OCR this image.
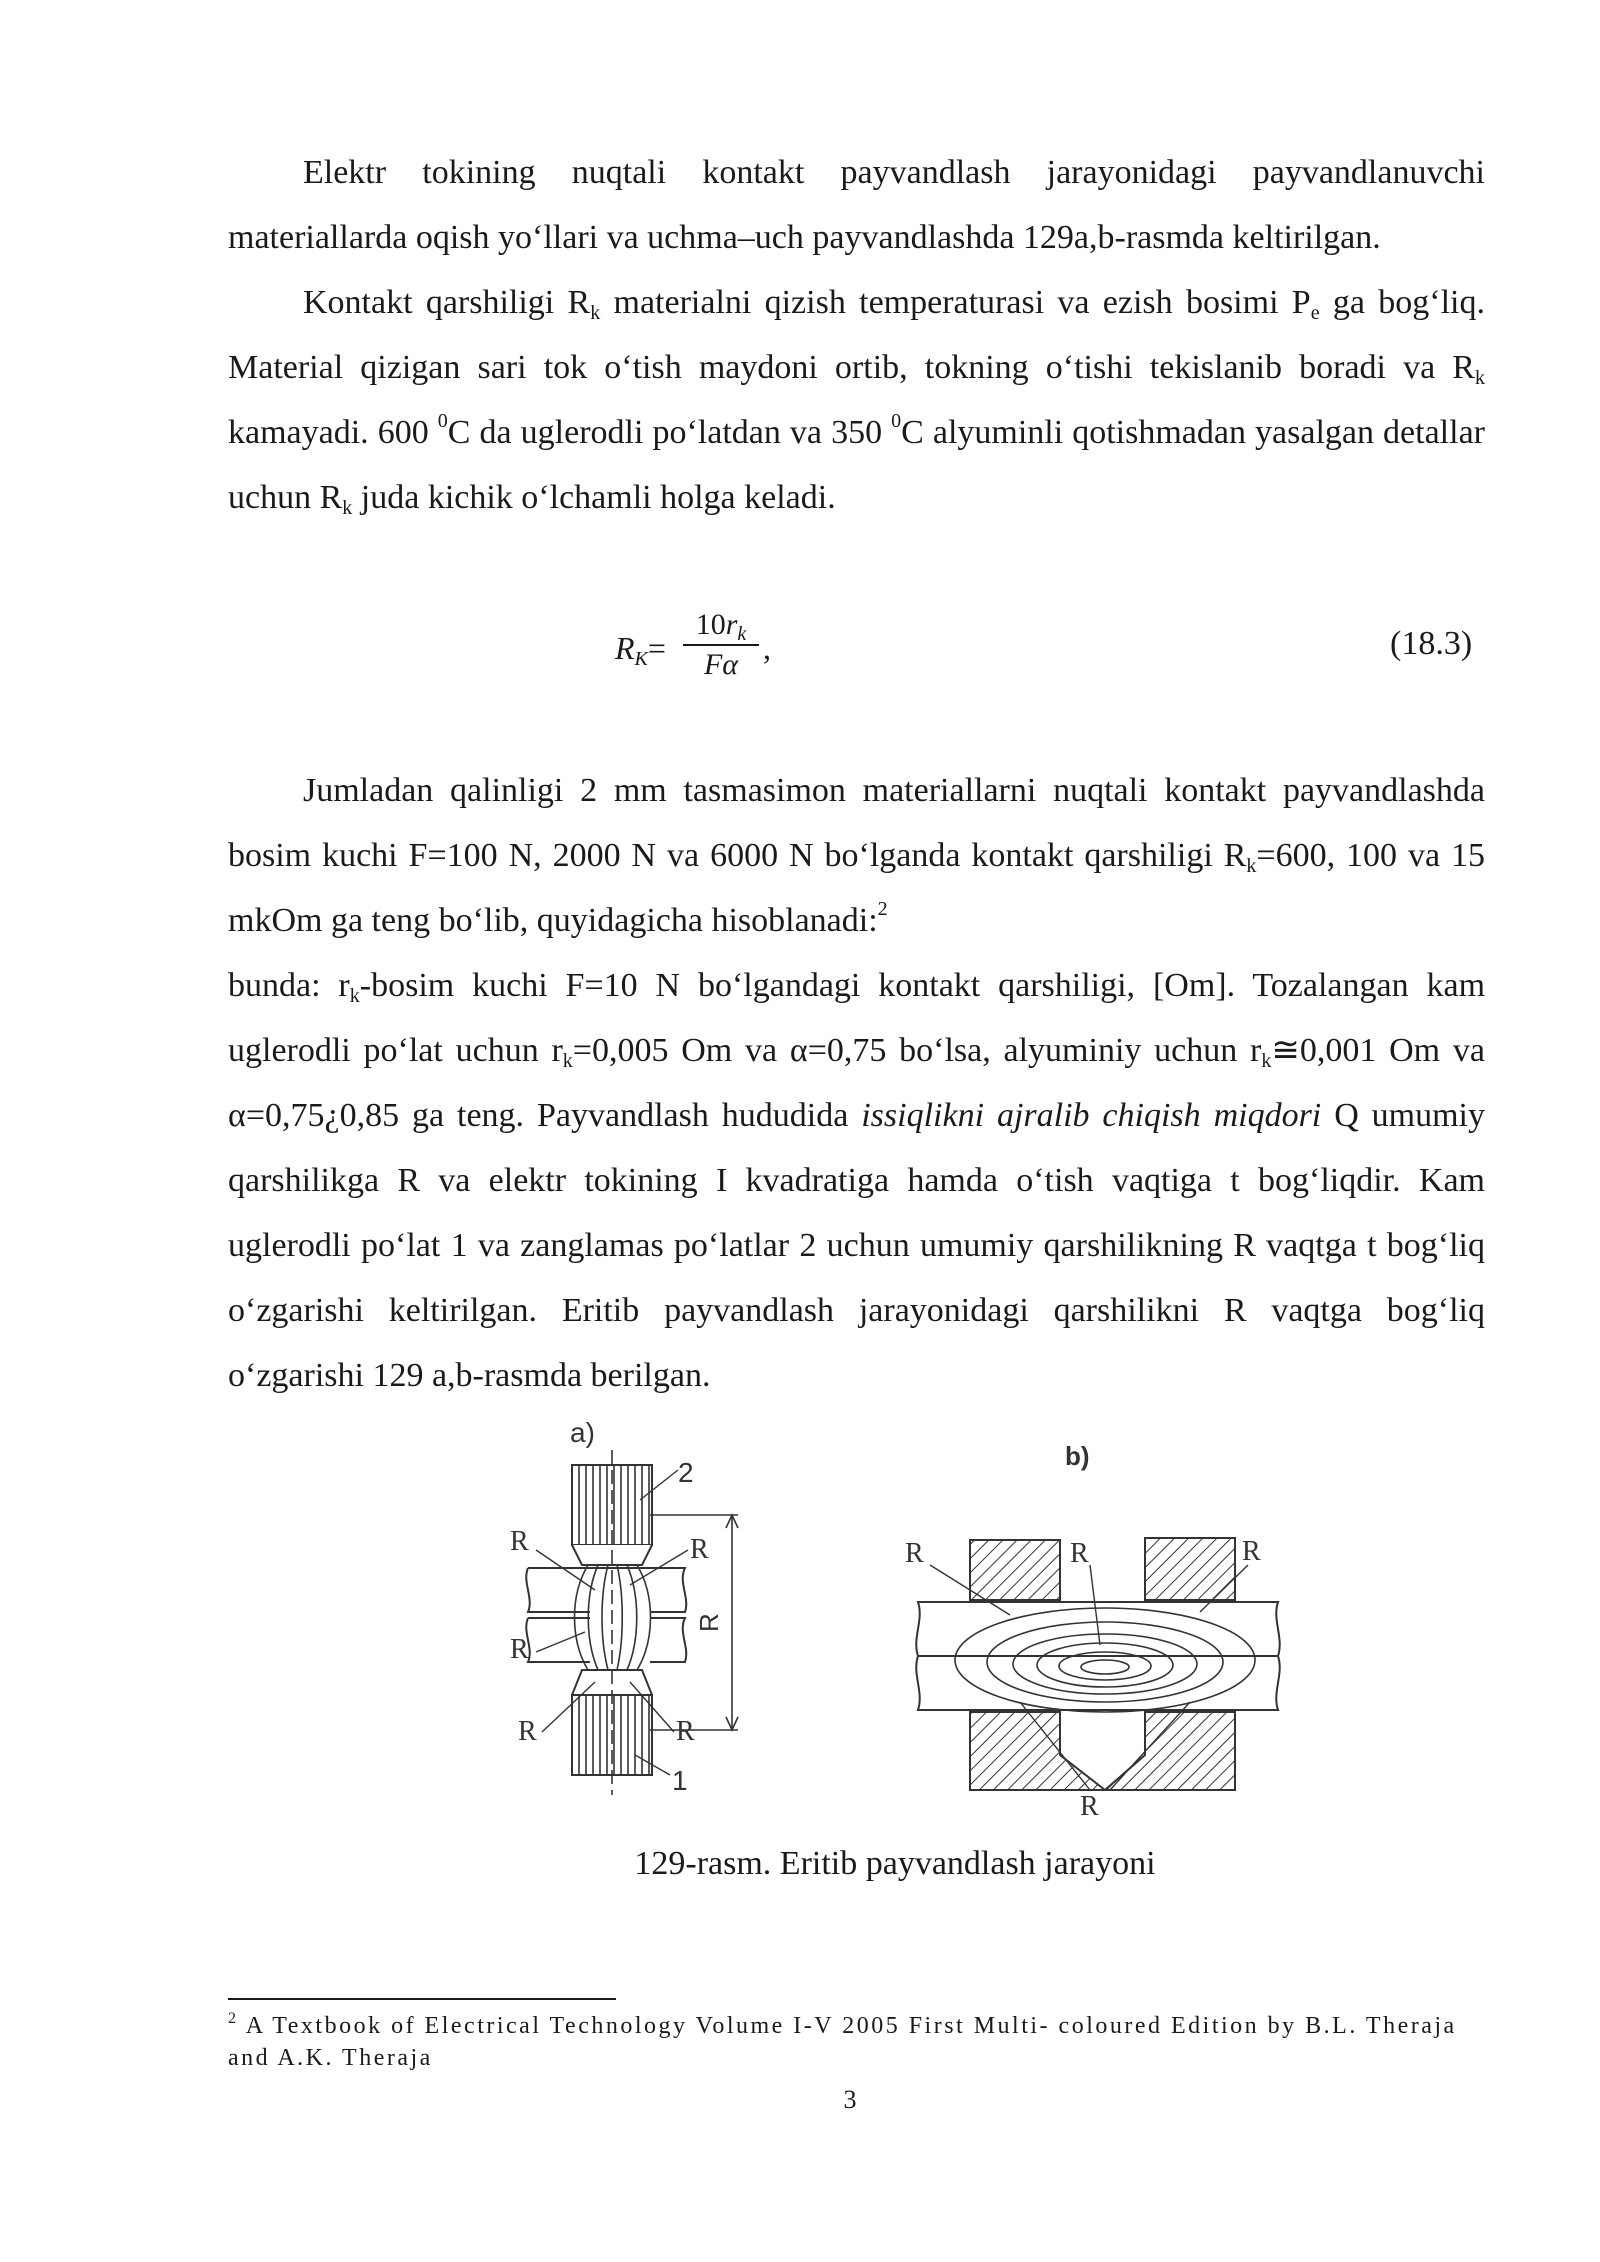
Elektr tokining nuqtali kontakt payvandlash jarayonidagi payvandlanuvchi materiallarda oqish yo‘llari va uchma–uch payvandlashda 129a,b-rasmda keltirilgan.

Kontakt qarshiligi $R_k$ materialni qizish temperaturasi va ezish bosimi $P_e$ ga bog‘liq. Material qizigan sari tok o‘tish maydoni ortib, tokning o‘tishi tekislanib boradi va $R_k$ kamayadi. 600 $^0$C da uglerodli po‘latdan va 350 $^0$C alyuminli qotishmadan yasalgan detallar uchun $R_k$ juda kichik o‘lchamli holga keladi.

$R_K= \frac{10r_k}{F\alpha}$ ,	(18.3)

Jumladan qalinligi 2 mm tasmasimon materiallarni nuqtali kontakt payvandlashda bosim kuchi F=100 N, 2000 N va 6000 N bo‘lganda kontakt qarshiligi $R_k=600$, 100 va 15 mkOm ga teng bo‘lib, quyidagicha hisoblanadi:$^2$

bunda: $r_k$-bosim kuchi F=10 N bo‘lgandagi kontakt qarshiligi, [Om]. Tozalangan kam uglerodli po‘lat uchun $r_k=0,005$ Om va α=0,75 bo‘lsa, alyuminiy uchun $r_k≅0,001$ Om va α=0,75¿0,85 ga teng. Payvandlash hududida issiqlikni ajralib chiqish miqdori Q umumiy qarshilikga R va elektr tokining I kvadratiga hamda o‘tish vaqtiga t bog‘liqdir. Kam uglerodli po‘lat 1 va zanglamas po‘latlar 2 uchun umumiy qarshilikning R vaqtga t bog‘liq o‘zgarishi keltirilgan. Eritib payvandlash jarayonidagi qarshilikni R vaqtga bog‘liq o‘zgarishi 129 a,b-rasmda berilgan.

a)
R
2
1
R	R
R
R	R
b)
R	R	R
R
129-rasm. Eritib payvandlash jarayoni
$^2$ A Textbook of Electrical Technology Volume I-V 2005 First Multi- coloured Edition by B.L. Theraja and A.K. Theraja
3
